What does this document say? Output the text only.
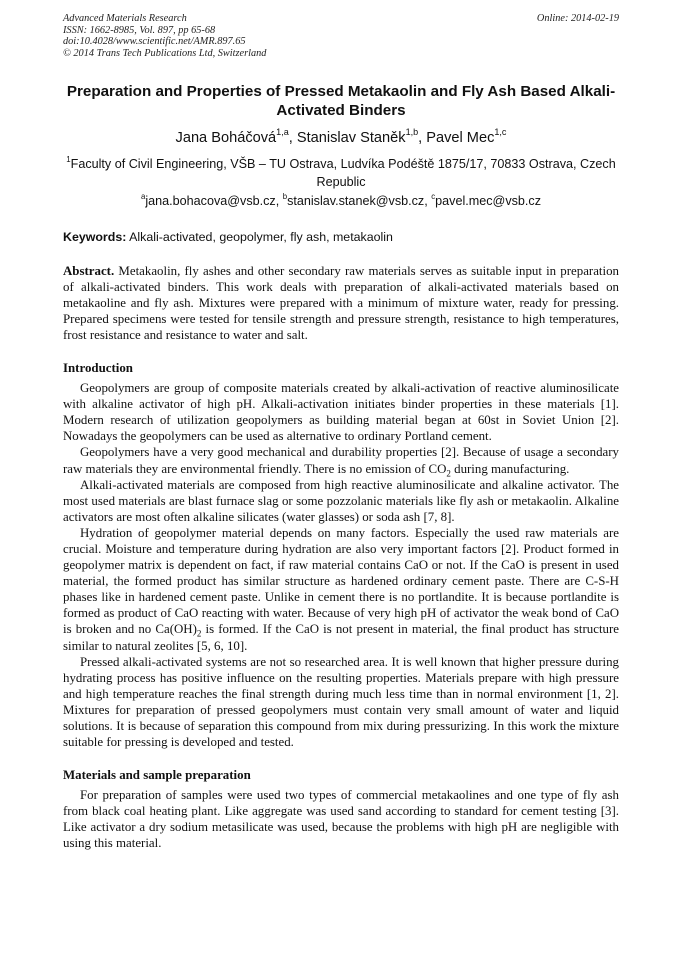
Advanced Materials Research
ISSN: 1662-8985, Vol. 897, pp 65-68
doi:10.4028/www.scientific.net/AMR.897.65
© 2014 Trans Tech Publications Ltd, Switzerland
Online: 2014-02-19
Preparation and Properties of Pressed Metakaolin and Fly Ash Based Alkali-Activated Binders
Jana Boháčová$^{1,a}$, Stanislav Staněk$^{1,b}$, Pavel Mec$^{1,c}$
$^1$Faculty of Civil Engineering, VŠB – TU Ostrava, Ludvíka Podéště 1875/17, 70833 Ostrava, Czech Republic
$^a$jana.bohacova@vsb.cz, $^b$stanislav.stanek@vsb.cz, $^c$pavel.mec@vsb.cz
Keywords: Alkali-activated, geopolymer, fly ash, metakaolin

Abstract. Metakaolin, fly ashes and other secondary raw materials serves as suitable input in preparation of alkali-activated binders. This work deals with preparation of alkali-activated materials based on metakaoline and fly ash. Mixtures were prepared with a minimum of mixture water, ready for pressing. Prepared specimens were tested for tensile strength and pressure strength, resistance to high temperatures, frost resistance and resistance to water and salt.

Introduction

Geopolymers are group of composite materials created by alkali-activation of reactive aluminosilicate with alkaline activator of high pH. Alkali-activation initiates binder properties in these materials [1]. Modern research of utilization geopolymers as building material began at 60st in Soviet Union [2]. Nowadays the geopolymers can be used as alternative to ordinary Portland cement.

Geopolymers have a very good mechanical and durability properties [2]. Because of usage a secondary raw materials they are environmental friendly. There is no emission of $CO_2$ during manufacturing.

Alkali-activated materials are composed from high reactive aluminosilicate and alkaline activator. The most used materials are blast furnace slag or some pozzolanic materials like fly ash or metakaolin. Alkaline activators are most often alkaline silicates (water glasses) or soda ash [7, 8].

Hydration of geopolymer material depends on many factors. Especially the used raw materials are crucial. Moisture and temperature during hydration are also very important factors [2]. Product formed in geopolymer matrix is dependent on fact, if raw material contains CaO or not. If the CaO is present in used material, the formed product has similar structure as hardened ordinary cement paste. There are C-S-H phases like in hardened cement paste. Unlike in cement there is no portlandite. It is because portlandite is formed as product of CaO reacting with water. Because of very high pH of activator the weak bond of CaO is broken and no $Ca(OH)_2$ is formed. If the CaO is not present in material, the final product has structure similar to natural zeolites [5, 6, 10].

Pressed alkali-activated systems are not so researched area. It is well known that higher pressure during hydrating process has positive influence on the resulting properties. Materials prepare with high pressure and high temperature reaches the final strength during much less time than in normal environment [1, 2]. Mixtures for preparation of pressed geopolymers must contain very small amount of water and liquid solutions. It is because of separation this compound from mix during pressurizing. In this work the mixture suitable for pressing is developed and tested.

Materials and sample preparation

For preparation of samples were used two types of commercial metakaolines and one type of fly ash from black coal heating plant. Like aggregate was used sand according to standard for cement testing [3]. Like activator a dry sodium metasilicate was used, because the problems with high pH are negligible with using this material.
